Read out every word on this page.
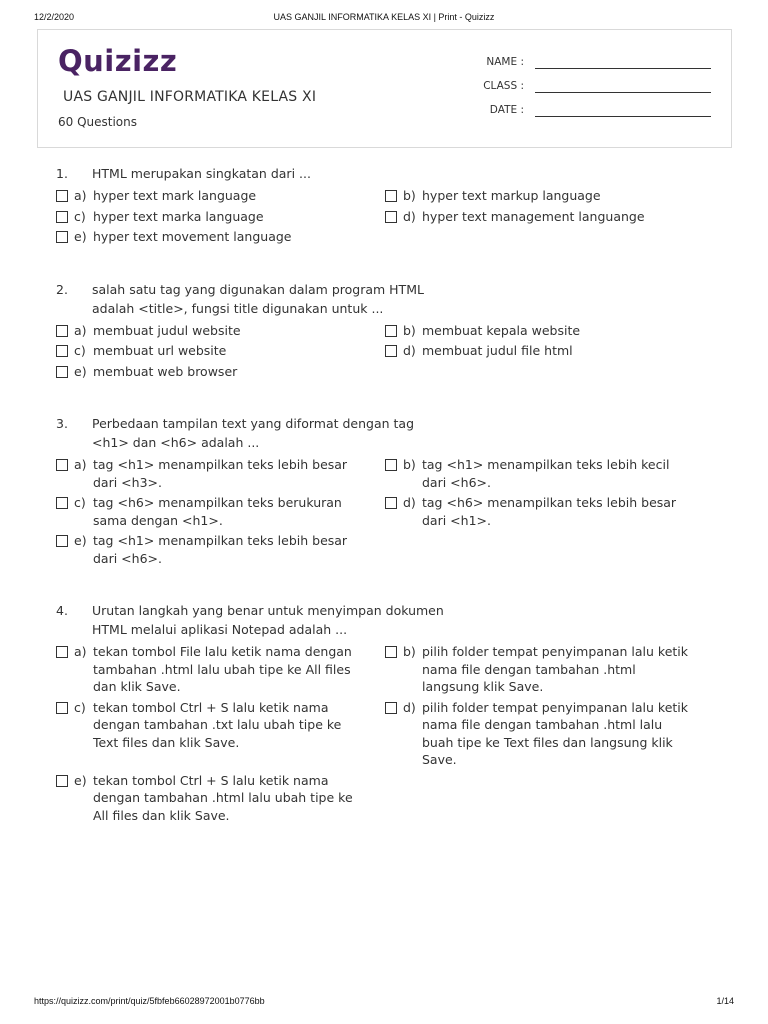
12/2/2020	UAS GANJIL INFORMATIKA KELAS XI | Print - Quizizz
Quizizz
UAS GANJIL INFORMATIKA KELAS XI
60 Questions
NAME :
CLASS :
DATE :
1.	HTML merupakan singkatan dari ...
a) hyper text mark language	b) hyper text markup language
c) hyper text marka language	d) hyper text management languange
e) hyper text movement language
2.	salah satu tag yang digunakan dalam program HTML adalah <title>, fungsi title digunakan untuk ...
a) membuat judul website	b) membuat kepala website
c) membuat url website	d) membuat judul file html
e) membuat web browser
3.	Perbedaan tampilan text yang diformat dengan tag <h1> dan <h6> adalah ...
a) tag <h1> menampilkan teks lebih besar dari <h3>.
b) tag <h1> menampilkan teks lebih kecil dari <h6>.
c) tag <h6> menampilkan teks berukuran sama dengan <h1>.
d) tag <h6> menampilkan teks lebih besar dari <h1>.
e) tag <h1> menampilkan teks lebih besar dari <h6>.
4.	Urutan langkah yang benar untuk menyimpan dokumen HTML melalui aplikasi Notepad adalah ...
a) tekan tombol File lalu ketik nama dengan tambahan .html lalu ubah tipe ke All files dan klik Save.
b) pilih folder tempat penyimpanan lalu ketik nama file dengan tambahan .html langsung klik Save.
c) tekan tombol Ctrl + S lalu ketik nama dengan tambahan .txt lalu ubah tipe ke Text files dan klik Save.
d) pilih folder tempat penyimpanan lalu ketik nama file dengan tambahan .html lalu buah tipe ke Text files dan langsung klik Save.
e) tekan tombol Ctrl + S lalu ketik nama dengan tambahan .html lalu ubah tipe ke All files dan klik Save.
https://quizizz.com/print/quiz/5fbfeb66028972001b0776bb	1/14
